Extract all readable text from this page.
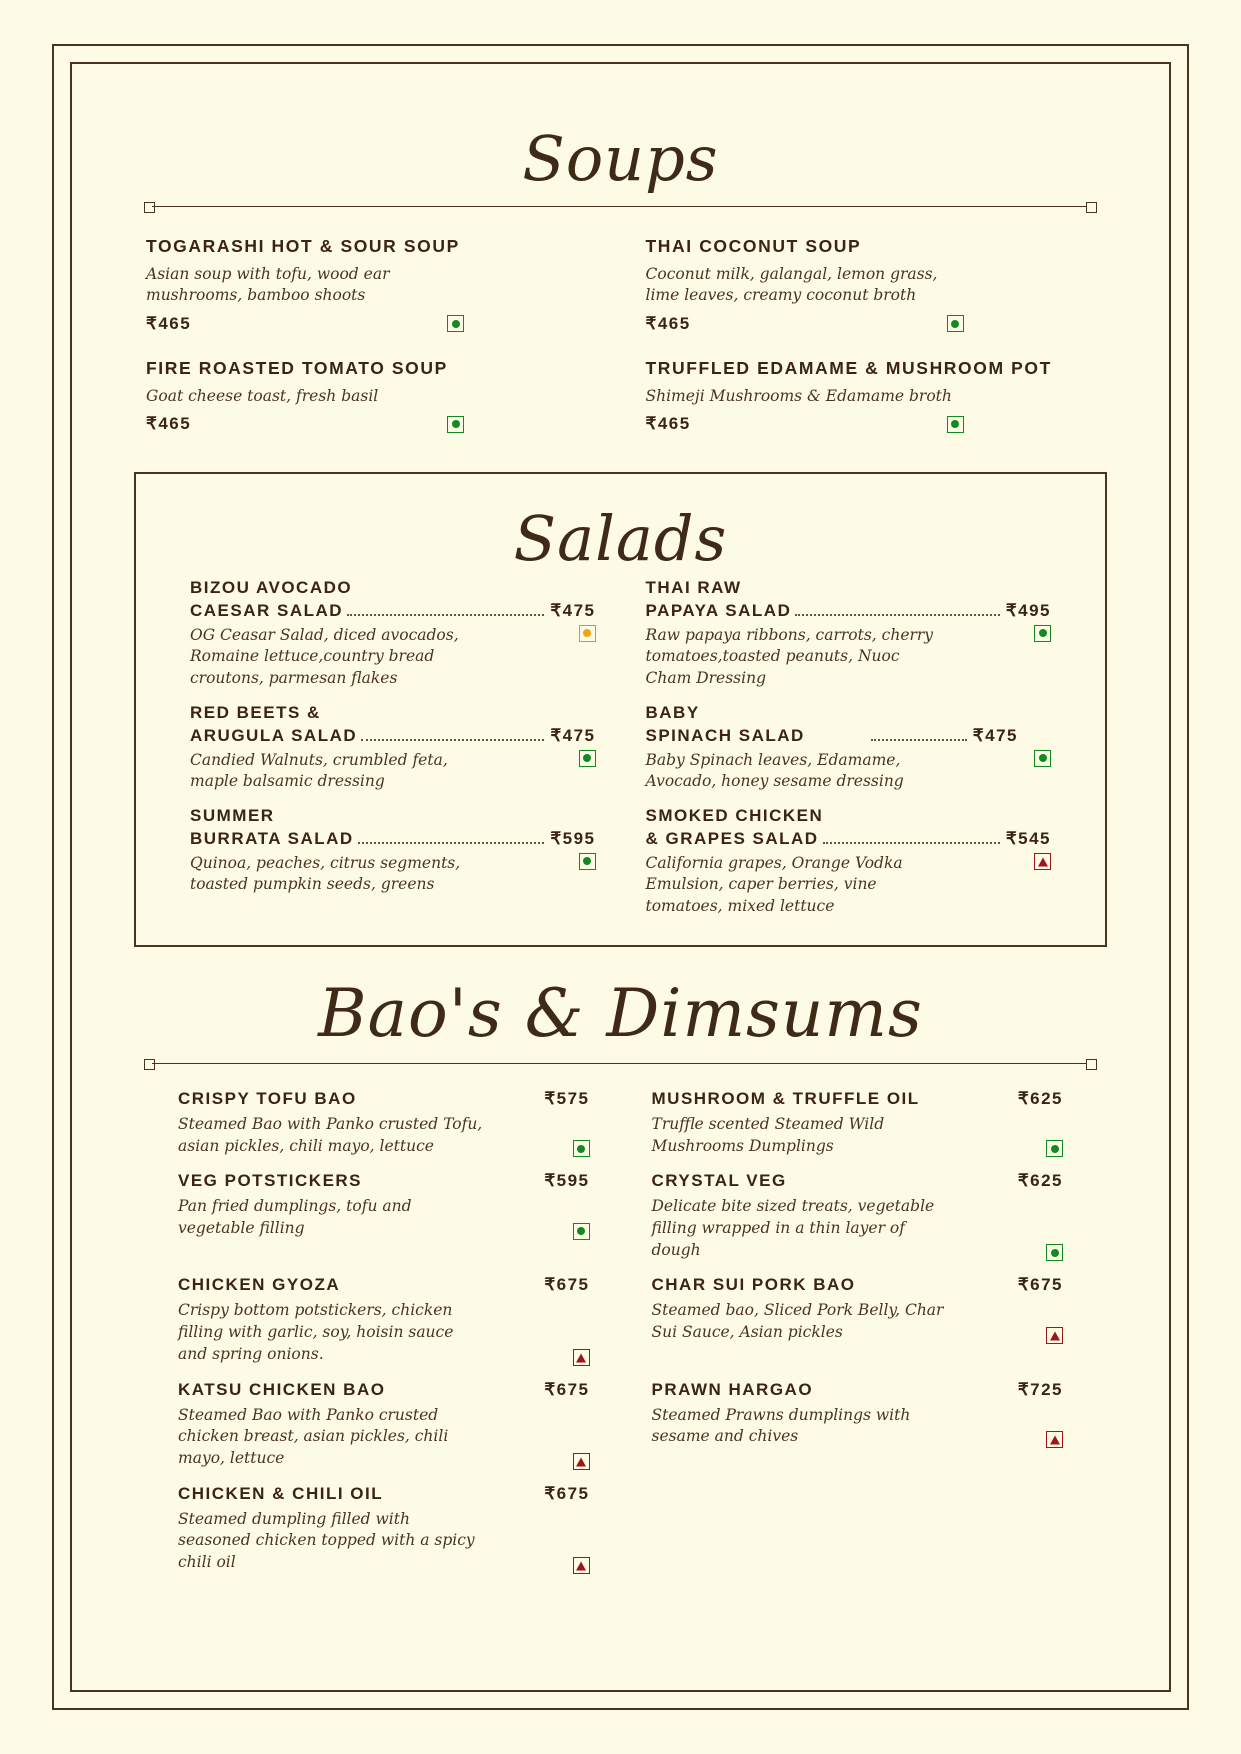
Soups
TOGARASHI HOT & SOUR SOUP
Asian soup with tofu, wood ear mushrooms, bamboo shoots
₹465
THAI COCONUT SOUP
Coconut milk, galangal, lemon grass, lime leaves, creamy coconut broth
₹465
FIRE ROASTED TOMATO SOUP
Goat cheese toast, fresh basil
₹465
TRUFFLED EDAMAME & MUSHROOM POT
Shimeji Mushrooms & Edamame broth
₹465
Salads
BIZOU AVOCADO
CAESAR SALAD	₹475
OG Ceasar Salad, diced avocados, Romaine lettuce,country bread croutons, parmesan flakes
THAI RAW
PAPAYA SALAD	₹495
Raw papaya ribbons, carrots, cherry tomatoes,toasted peanuts, Nuoc Cham Dressing
RED BEETS &
ARUGULA SALAD	₹475
Candied Walnuts, crumbled feta, maple balsamic dressing
BABY
SPINACH SALAD	₹475
Baby Spinach leaves, Edamame, Avocado, honey sesame dressing
SUMMER
BURRATA SALAD	₹595
Quinoa, peaches, citrus segments, toasted pumpkin seeds, greens
SMOKED CHICKEN
& GRAPES SALAD	₹545
California grapes, Orange Vodka Emulsion, caper berries, vine tomatoes, mixed lettuce
Bao's & Dimsums
CRISPY TOFU BAO	₹575
Steamed Bao with Panko crusted Tofu, asian pickles, chili mayo, lettuce
MUSHROOM & TRUFFLE OIL	₹625
Truffle scented Steamed Wild Mushrooms Dumplings
VEG POTSTICKERS	₹595
Pan fried dumplings, tofu and vegetable filling
CRYSTAL VEG	₹625
Delicate bite sized treats, vegetable filling wrapped in a thin layer of dough
CHICKEN GYOZA	₹675
Crispy bottom potstickers, chicken filling with garlic, soy, hoisin sauce and spring onions.
CHAR SUI PORK BAO	₹675
Steamed bao, Sliced Pork Belly, Char Sui Sauce, Asian pickles
KATSU CHICKEN BAO	₹675
Steamed Bao with Panko crusted chicken breast, asian pickles, chili mayo, lettuce
PRAWN HARGAO	₹725
Steamed Prawns dumplings with sesame and chives
CHICKEN & CHILI OIL	₹675
Steamed dumpling filled with seasoned chicken topped with a spicy chili oil
